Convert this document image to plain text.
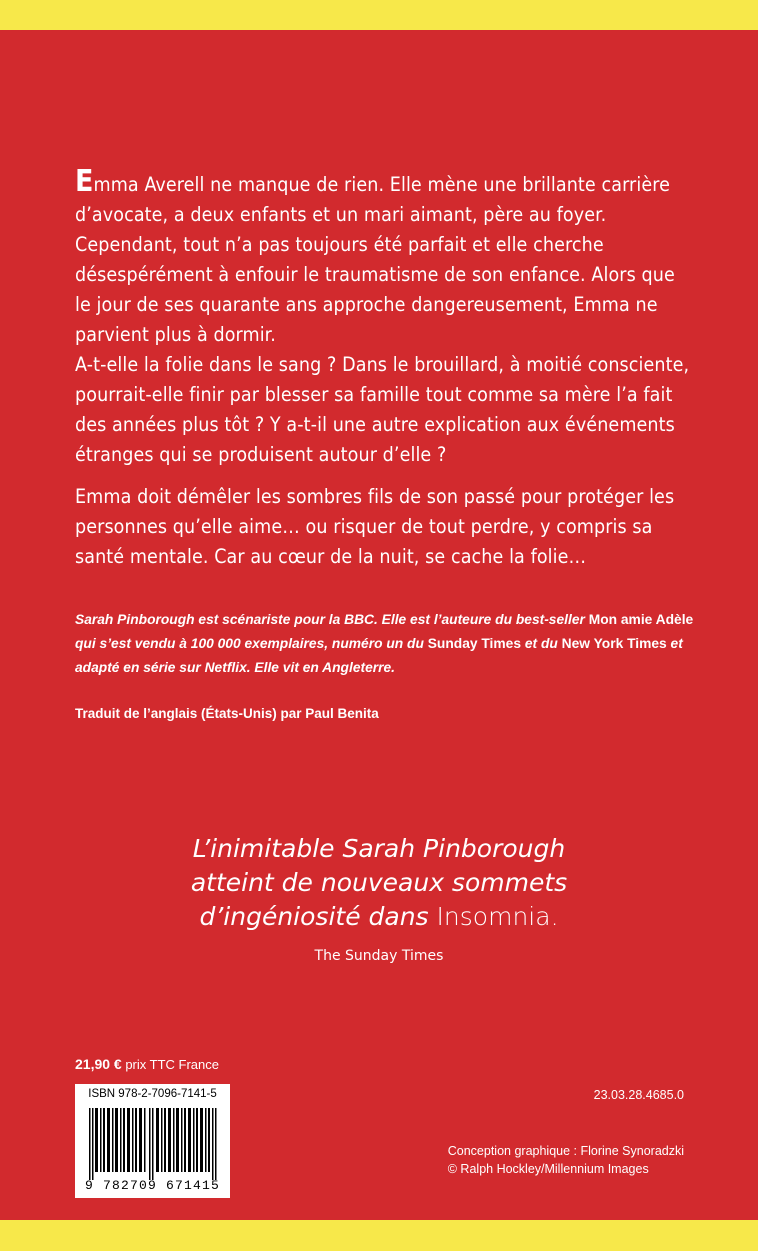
Emma Averell ne manque de rien. Elle mène une brillante carrière d’avocate, a deux enfants et un mari aimant, père au foyer. Cependant, tout n’a pas toujours été parfait et elle cherche désespérément à enfouir le traumatisme de son enfance. Alors que le jour de ses quarante ans approche dangereusement, Emma ne parvient plus à dormir.
A-t-elle la folie dans le sang ? Dans le brouillard, à moitié consciente, pourrait-elle finir par blesser sa famille tout comme sa mère l’a fait des années plus tôt ? Y a-t-il une autre explication aux événements étranges qui se produisent autour d’elle ?

Emma doit démêler les sombres fils de son passé pour protéger les personnes qu’elle aime… ou risquer de tout perdre, y compris sa santé mentale. Car au cœur de la nuit, se cache la folie…

Sarah Pinborough est scénariste pour la BBC. Elle est l’auteure du best-seller Mon amie Adèle qui s’est vendu à 100 000 exemplaires, numéro un du Sunday Times et du New York Times et adapté en série sur Netflix. Elle vit en Angleterre.
Traduit de l’anglais (États-Unis) par Paul Benita
L’inimitable Sarah Pinborough
atteint de nouveaux sommets
d’ingéniosité dans Insomnia.
The Sunday Times
21,90 € prix TTC France
ISBN 978-2-7096-7141-5
9 782709 671415
23.03.28.4685.0
Conception graphique : Florine Synoradzki
© Ralph Hockley/Millennium Images
